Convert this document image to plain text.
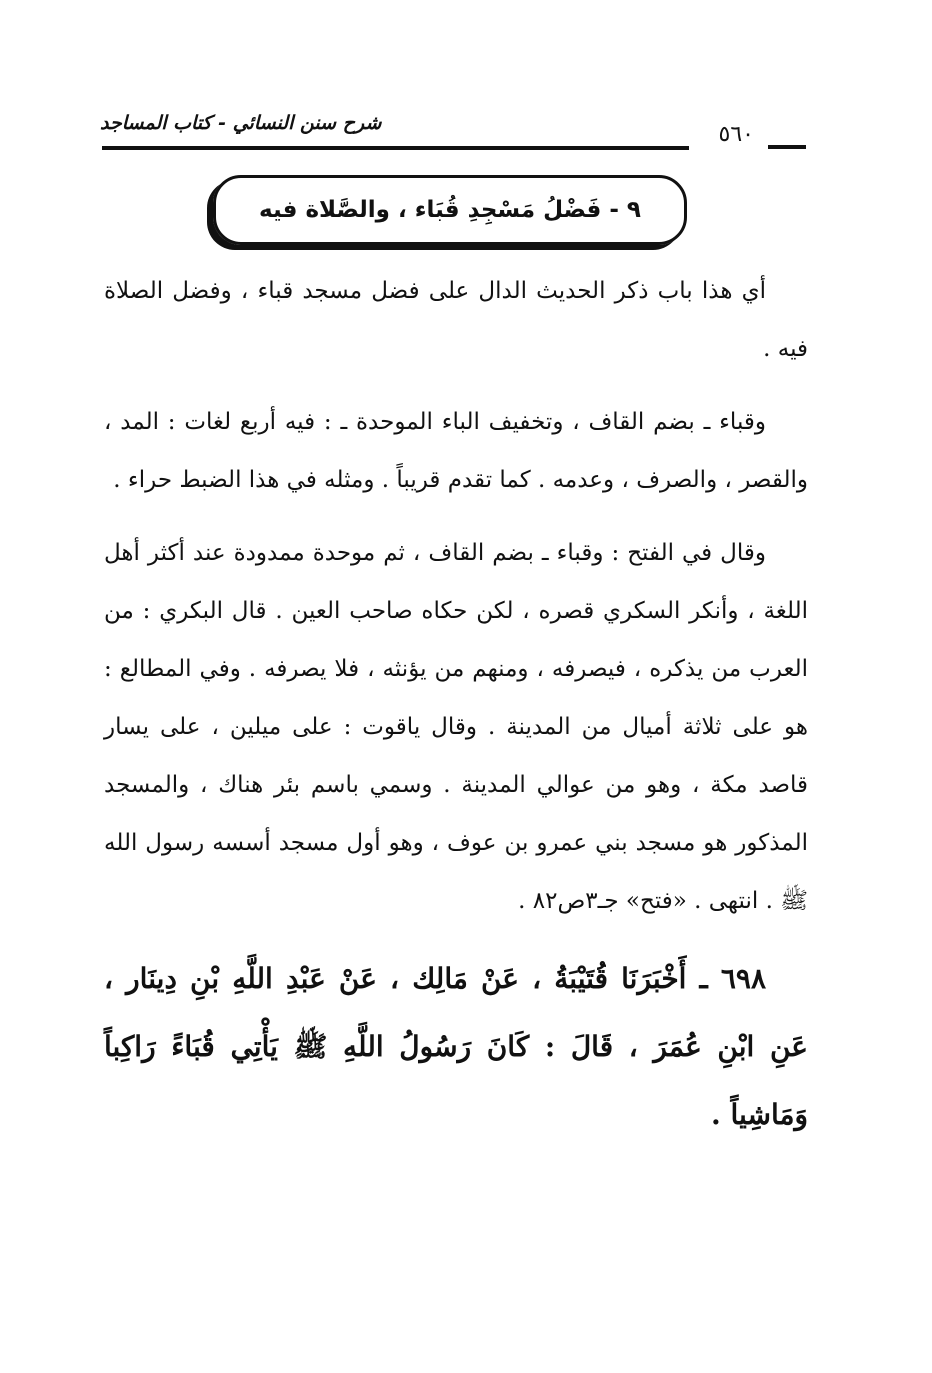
شرح سنن النسائي - كتاب المساجد	٥٦٠
٩ - فَضْلُ مَسْجِدِ قُبَاء ، والصَّلاة فيه

أي هذا باب ذكر الحديث الدال على فضل مسجد قباء ، وفضل الصلاة فيه .

وقباء ـ بضم القاف ، وتخفيف الباء الموحدة ـ : فيه أربع لغات : المد ، والقصر ، والصرف ، وعدمه . كما تقدم قريباً . ومثله في هذا الضبط حراء .

وقال في الفتح : وقباء ـ بضم القاف ، ثم موحدة ممدودة عند أكثر أهل اللغة ، وأنكر السكري قصره ، لكن حكاه صاحب العين . قال البكري : من العرب من يذكره ، فيصرفه ، ومنهم من يؤنثه ، فلا يصرفه . وفي المطالع : هو على ثلاثة أميال من المدينة . وقال ياقوت : على ميلين ، على يسار قاصد مكة ، وهو من عوالي المدينة . وسمي باسم بئر هناك ، والمسجد المذكور هو مسجد بني عمرو بن عوف ، وهو أول مسجد أسسه رسول الله ﷺ . انتهى . «فتح» جـ٣ص٨٢ .

٦٩٨ ـ أَخْبَرَنَا قُتَيْبَةُ ، عَنْ مَالِك ، عَنْ عَبْدِ اللَّهِ بْنِ دِينَار ، عَنِ ابْنِ عُمَرَ ، قَالَ : كَانَ رَسُولُ اللَّهِ ﷺ يَأْتِي قُبَاءً رَاكِباً وَمَاشِياً .
